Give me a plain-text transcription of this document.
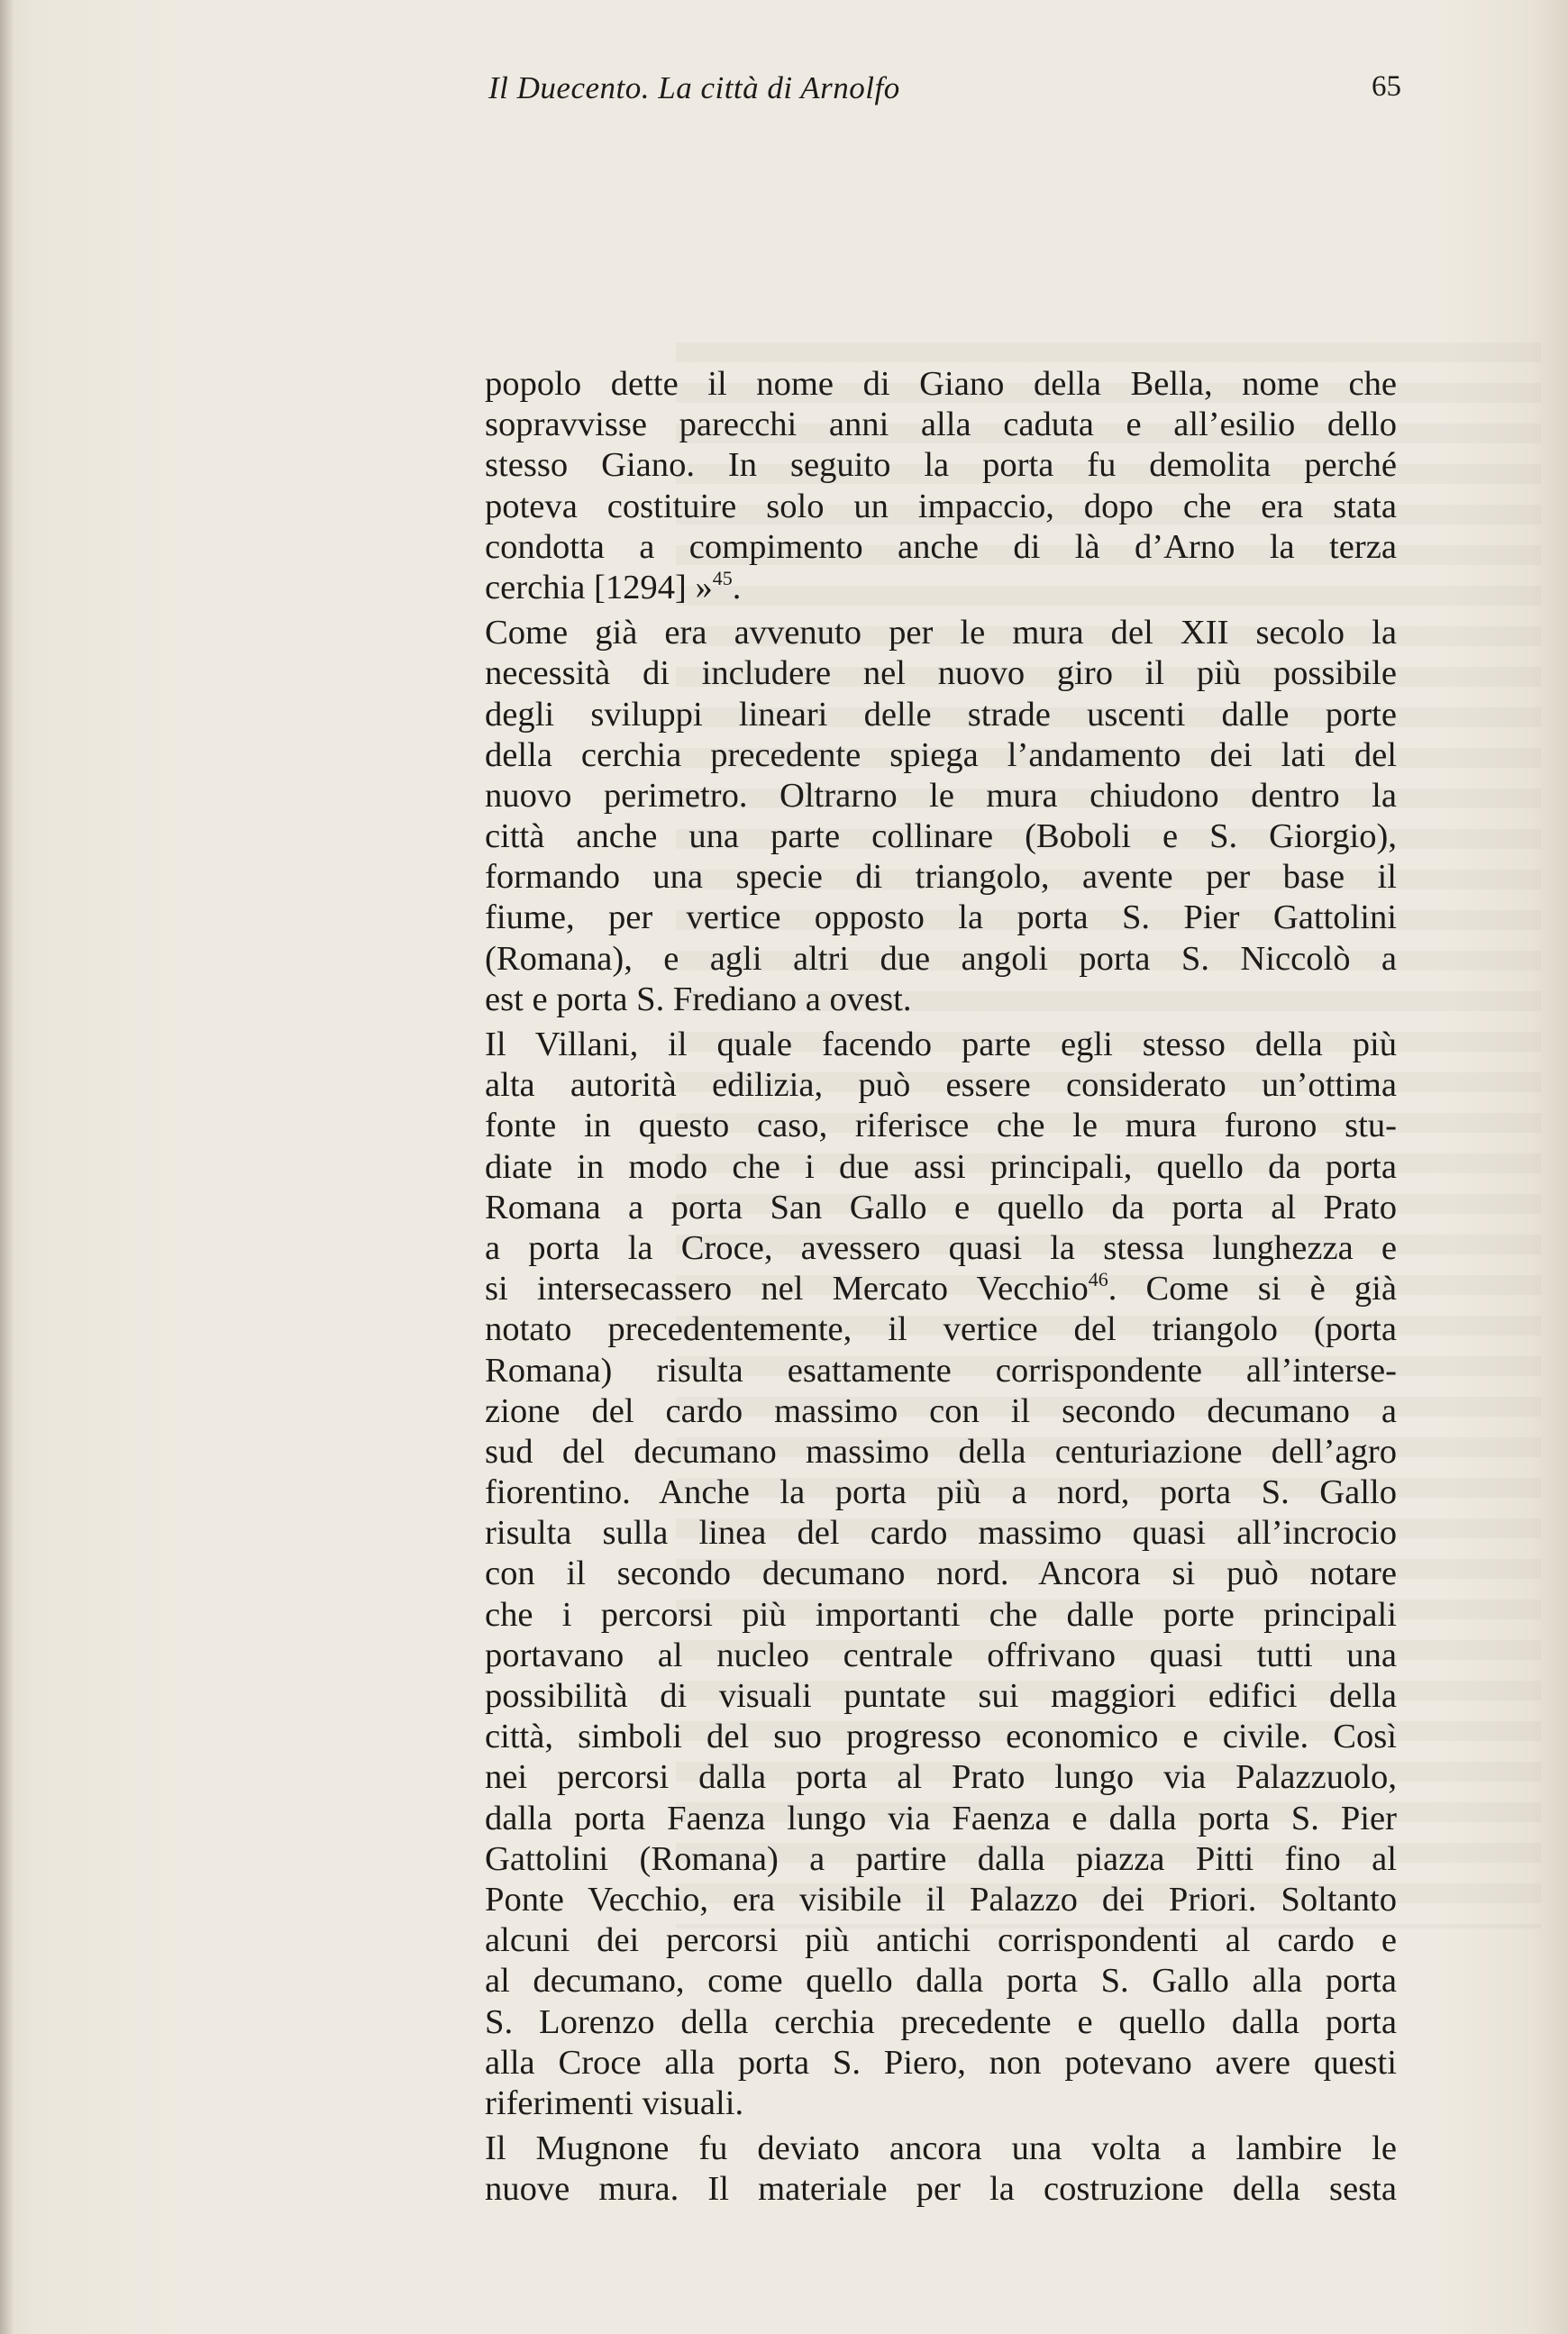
Il Duecento. La città di Arnolfo	65
popolo dette il nome di Giano della Bella, nome che
sopravvisse parecchi anni alla caduta e all’esilio dello
stesso Giano. In seguito la porta fu demolita perché
poteva costituire solo un impaccio, dopo che era stata
condotta a compimento anche di là d’Arno la terza
cerchia [1294] »$^{45}$.
Come già era avvenuto per le mura del XII secolo la
necessità di includere nel nuovo giro il più possibile
degli sviluppi lineari delle strade uscenti dalle porte
della cerchia precedente spiega l’andamento dei lati del
nuovo perimetro. Oltrarno le mura chiudono dentro la
città anche una parte collinare (Boboli e S. Giorgio),
formando una specie di triangolo, avente per base il
fiume, per vertice opposto la porta S. Pier Gattolini
(Romana), e agli altri due angoli porta S. Niccolò a
est e porta S. Frediano a ovest.
Il Villani, il quale facendo parte egli stesso della più
alta autorità edilizia, può essere considerato un’ottima
fonte in questo caso, riferisce che le mura furono stu-
diate in modo che i due assi principali, quello da porta
Romana a porta San Gallo e quello da porta al Prato
a porta la Croce, avessero quasi la stessa lunghezza e
si intersecassero nel Mercato Vecchio$^{46}$. Come si è già
notato precedentemente, il vertice del triangolo (porta
Romana) risulta esattamente corrispondente all’interse-
zione del cardo massimo con il secondo decumano a
sud del decumano massimo della centuriazione dell’agro
fiorentino. Anche la porta più a nord, porta S. Gallo
risulta sulla linea del cardo massimo quasi all’incrocio
con il secondo decumano nord. Ancora si può notare
che i percorsi più importanti che dalle porte principali
portavano al nucleo centrale offrivano quasi tutti una
possibilità di visuali puntate sui maggiori edifici della
città, simboli del suo progresso economico e civile. Così
nei percorsi dalla porta al Prato lungo via Palazzuolo,
dalla porta Faenza lungo via Faenza e dalla porta S. Pier
Gattolini (Romana) a partire dalla piazza Pitti fino al
Ponte Vecchio, era visibile il Palazzo dei Priori. Soltanto
alcuni dei percorsi più antichi corrispondenti al cardo e
al decumano, come quello dalla porta S. Gallo alla porta
S. Lorenzo della cerchia precedente e quello dalla porta
alla Croce alla porta S. Piero, non potevano avere questi
riferimenti visuali.
Il Mugnone fu deviato ancora una volta a lambire le
nuove mura. Il materiale per la costruzione della sesta
